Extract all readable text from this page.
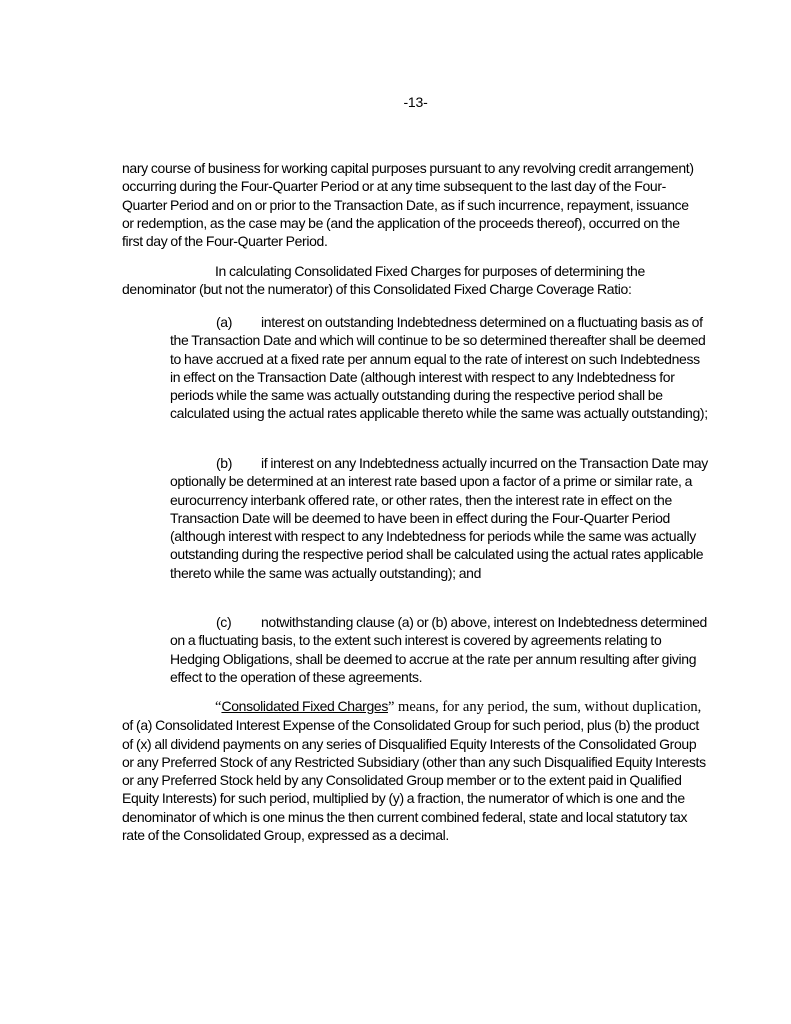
-13-

nary course of business for working capital purposes pursuant to any revolving credit arrangement) occurring during the Four-Quarter Period or at any time subsequent to the last day of the Four-Quarter Period and on or prior to the Transaction Date, as if such incurrence, repayment, issuance or redemption, as the case may be (and the application of the proceeds thereof), occurred on the first day of the Four-Quarter Period.

In calculating Consolidated Fixed Charges for purposes of determining the denominator (but not the numerator) of this Consolidated Fixed Charge Coverage Ratio:

(a) interest on outstanding Indebtedness determined on a fluctuating basis as of the Transaction Date and which will continue to be so determined thereafter shall be deemed to have accrued at a fixed rate per annum equal to the rate of interest on such Indebtedness in effect on the Transaction Date (although interest with respect to any Indebtedness for periods while the same was actually outstanding during the respective period shall be calculated using the actual rates applicable thereto while the same was actually outstanding);

(b) if interest on any Indebtedness actually incurred on the Transaction Date may optionally be determined at an interest rate based upon a factor of a prime or similar rate, a eurocurrency interbank offered rate, or other rates, then the interest rate in effect on the Transaction Date will be deemed to have been in effect during the Four-Quarter Period (although interest with respect to any Indebtedness for periods while the same was actually outstanding during the respective period shall be calculated using the actual rates applicable thereto while the same was actually outstanding); and

(c) notwithstanding clause (a) or (b) above, interest on Indebtedness determined on a fluctuating basis, to the extent such interest is covered by agreements relating to Hedging Obligations, shall be deemed to accrue at the rate per annum resulting after giving effect to the operation of these agreements.

“Consolidated Fixed Charges” means, for any period, the sum, without duplication, of (a) Consolidated Interest Expense of the Consolidated Group for such period, plus (b) the product of (x) all dividend payments on any series of Disqualified Equity Interests of the Consolidated Group or any Preferred Stock of any Restricted Subsidiary (other than any such Disqualified Equity Interests or any Preferred Stock held by any Consolidated Group member or to the extent paid in Qualified Equity Interests) for such period, multiplied by (y) a fraction, the numerator of which is one and the denominator of which is one minus the then current combined federal, state and local statutory tax rate of the Consolidated Group, expressed as a decimal.
